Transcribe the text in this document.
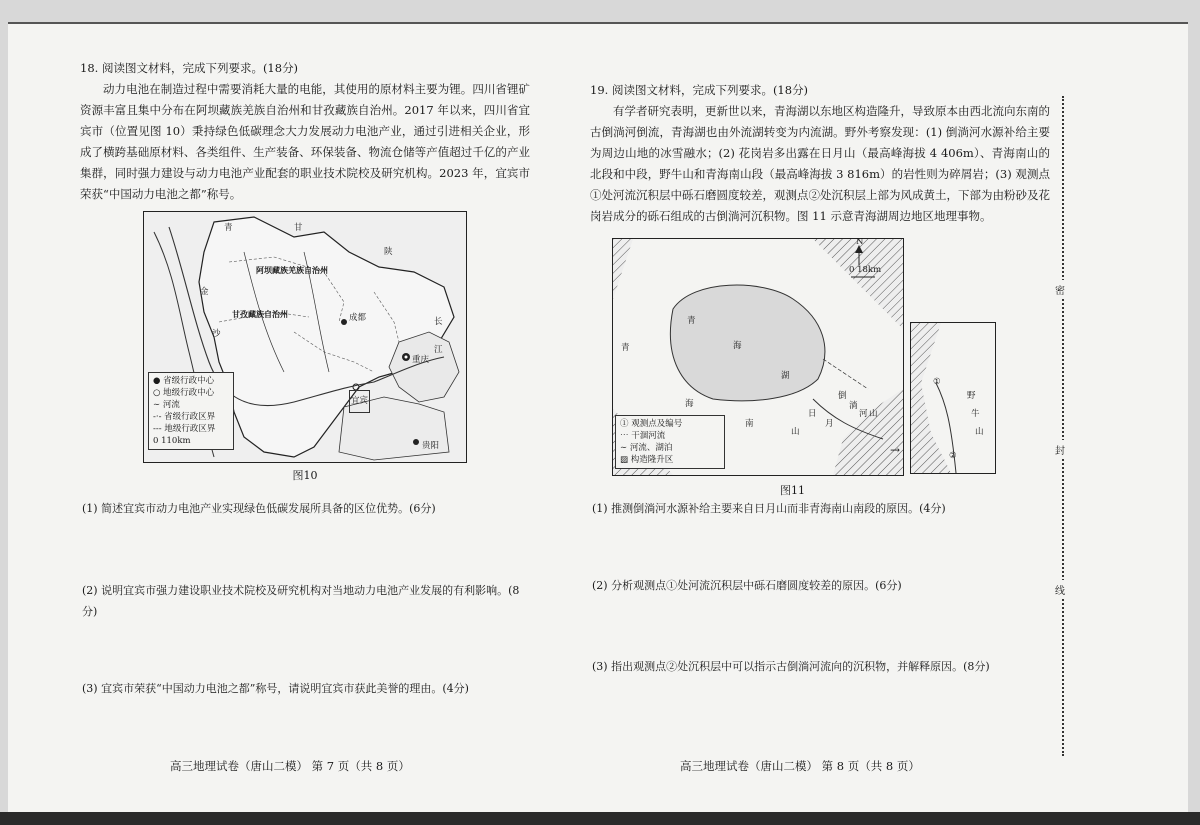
18. 阅读图文材料，完成下列要求。(18分)

动力电池在制造过程中需要消耗大量的电能，其使用的原材料主要为锂。四川省锂矿资源丰富且集中分布在阿坝藏族羌族自治州和甘孜藏族自治州。2017 年以来，四川省宜宾市（位置见图 10）秉持绿色低碳理念大力发展动力电池产业，通过引进相关企业，形成了横跨基础原材料、各类组件、生产装备、环保装备、物流仓储等产值超过千亿的产业集群，同时强力建设与动力电池产业配套的职业技术院校及研究机构。2023 年，宜宾市荣获“中国动力电池之都”称号。

阿坝藏族羌族自治州
甘孜藏族自治州	成都
重庆
宜宾
贵阳
青	甘
陕
金
沙
长
江
● 省级行政中心
○ 地级行政中心
∼ 河流
-·- 省级行政区界
--- 地级行政区界
0 110km
图10

(1) 简述宜宾市动力电池产业实现绿色低碳发展所具备的区位优势。(6分)

(2) 说明宜宾市强力建设职业技术院校及研究机构对当地动力电池产业发展的有利影响。(8分)

(3) 宜宾市荣获“中国动力电池之都”称号，请说明宜宾市获此美誉的理由。(4分)

高三地理试卷（唐山二模） 第 7 页（共 8 页）

19. 阅读图文材料，完成下列要求。(18分)

有学者研究表明，更新世以来，青海湖以东地区构造隆升，导致原本由西北流向东南的古倒淌河倒流，青海湖也由外流湖转变为内流湖。野外考察发现：(1) 倒淌河水源补给主要为周边山地的冰雪融水；(2) 花岗岩多出露在日月山（最高峰海拔 4 406m）、青海南山的北段和中段，野牛山和青海南山段（最高峰海拔 3 816m）的岩性则为碎屑岩；(3) 观测点①处河流沉积层中砾石磨圆度较差，观测点②处沉积层上部为风成黄土，下部为由粉砂及花岗岩成分的砾石组成的古倒淌河沉积物。图 11 示意青海湖周边地区地理事物。

N
0 18km
青
海
湖
青
海
南
山
日
月
山
倒
淌
河
① 观测点及编号
⋯ 干涸河流
∼ 河流、湖泊
▨ 构造隆升区
①
②
野
牛
山
→
图11

(1) 推测倒淌河水源补给主要来自日月山而非青海南山南段的原因。(4分)

(2) 分析观测点①处河流沉积层中砾石磨圆度较差的原因。(6分)

(3) 指出观测点②处沉积层中可以指示古倒淌河流向的沉积物，并解释原因。(8分)

高三地理试卷（唐山二模） 第 8 页（共 8 页）
密
封
线
